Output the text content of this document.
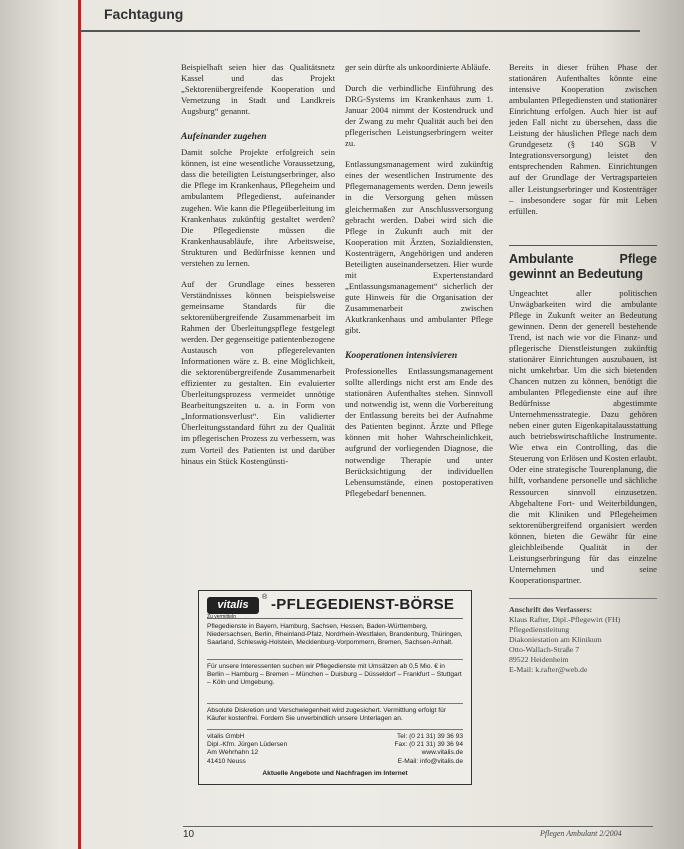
Fachtagung

Beispielhaft seien hier das Qualitätsnetz Kassel und das Projekt „Sektorenübergreifende Kooperation und Vernetzung in Stadt und Landkreis Augsburg“ genannt.

Aufeinander zugehen

Damit solche Projekte erfolgreich sein können, ist eine wesentliche Voraussetzung, dass die beteiligten Leistungserbringer, also die Pflege im Krankenhaus, Pflegeheim und ambulantem Pflegedienst, aufeinander zugehen. Wie kann die Pflegeüberleitung im Krankenhaus zukünftig gestaltet werden? Die Pflegedienste müssen die Krankenhausabläufe, ihre Arbeitsweise, Strukturen und Bedürfnisse kennen und verstehen zu lernen.

Auf der Grundlage eines besseren Verständnisses können beispielsweise gemeinsame Standards für die sektorenübergreifende Zusammenarbeit im Rahmen der Überleitungspflege festgelegt werden. Der gegenseitige patientenbezogene Austausch von pflegerelevanten Informationen wäre z. B. eine Möglichkeit, die sektorenübergreifende Zusammenarbeit effizienter zu gestalten. Ein evaluierter Überleitungsprozess vermeidet unnötige Bearbeitungszeiten u. a. in Form von „Informationsverlust“. Ein validierter Überleitungsstandard führt zu der Qualität im pflegerischen Prozess zu verbessern, was zum Vorteil des Patienten ist und darüber hinaus ein Stück Kostengünsti-

ger sein dürfte als unkoordinierte Abläufe.

Durch die verbindliche Einführung des DRG-Systems im Krankenhaus zum 1. Januar 2004 nimmt der Kostendruck und der Zwang zu mehr Qualität auch bei den pflegerischen Leistungserbringern weiter zu.

Entlassungsmanagement wird zukünftig eines der wesentlichen Instrumente des Pflegemanagements werden. Denn jeweils in die Versorgung gehen müssen gleichermaßen zur Anschlussversorgung gebracht werden. Dabei wird sich die Pflege in Zukunft auch mit der Kooperation mit Ärzten, Sozialdiensten, Kostenträgern, Angehörigen und anderen Beteiligten auseinandersetzen. Hier wurde mit Expertenstandard „Entlassungsmanagement“ sicherlich der gute Hinweis für die Organisation der Zusammenarbeit zwischen Akutkrankenhaus und ambulanter Pflege gibt.

Kooperationen intensivieren

Professionelles Entlassungsmanagement sollte allerdings nicht erst am Ende des stationären Aufenthaltes stehen. Sinnvoll und notwendig ist, wenn die Vorbereitung der Entlassung bereits bei der Aufnahme des Patienten beginnt. Ärzte und Pflege können mit hoher Wahrscheinlichkeit, aufgrund der vorliegenden Diagnose, die notwendige Therapie und unter Berücksichtigung der individuellen Lebensumstände, einen postoperativen Pflegebedarf benennen.

Bereits in dieser frühen Phase der stationären Aufenthaltes könnte eine intensive Kooperation zwischen ambulanten Pflegediensten und stationärer Einrichtung erfolgen. Auch hier ist auf jeden Fall nicht zu übersehen, dass die Leistung der häuslichen Pflege nach dem Grundgesetz (§ 140 SGB V Integrationsversorgung) leistet den entsprechenden Rahmen. Einrichtungen auf der Grundlage der Vertragsparteien aller Leistungserbringer und Kostenträger – insbesondere sogar für mit Leben erfüllen.

Ambulante Pflege gewinnt an Bedeutung

Ungeachtet aller politischen Unwägbarkeiten wird die ambulante Pflege in Zukunft weiter an Bedeutung gewinnen. Denn der generell bestehende Trend, ist nach wie vor die Finanz- und pflegerische Dienstleistungen zukünftig stationärer Einrichtungen auszubauen, ist nicht umkehrbar. Um die sich bietenden Chancen nutzen zu können, benötigt die ambulanten Pflegedienste eine auf ihre Bedürfnisse abgestimmte Unternehmensstrategie. Dazu gehören neben einer guten Eigenkapitalausstattung auch betriebswirtschaftliche Instrumente. Wie etwa ein Controlling, das die Steuerung von Erlösen und Kosten erlaubt. Oder eine strategische Tourenplanung, die hilft, vorhandene personelle und sächliche Ressourcen sinnvoll einzusetzen. Abgehaltene Fort- und Weiterbildungen, die mit Kliniken und Pflegeheimen sektorenübergreifend organisiert werden können, bieten die Gewähr für eine gleichbleibende Qualität in der Leistungserbringung für das einzelne Unternehmen und seine Kooperationspartner.

Anschrift des Verfassers:
Klaus Rafter, Dipl.-Pflegewirt (FH)
Pflegedienstleitung
Diakoniestation am Klinikum
Otto-Wallach-Straße 7
89522 Heidenheim
E-Mail: k.rafter@web.de
vitalis
® -PFLEGEDIENST-BÖRSE
Zu vermitteln
Pflegedienste in Bayern, Hamburg, Sachsen, Hessen, Baden-Württemberg, Niedersachsen, Berlin, Rheinland-Pfalz, Nordrhein-Westfalen, Brandenburg, Thüringen, Saarland, Schleswig-Holstein, Mecklenburg-Vorpommern, Bremen, Sachsen-Anhalt.
Für unsere Interessenten suchen wir Pflegedienste mit Umsätzen ab 0,5 Mio. € in Berlin – Hamburg – Bremen – München – Duisburg – Düsseldorf – Frankfurt – Stuttgart – Köln und Umgebung.
Absolute Diskretion und Verschwiegenheit wird zugesichert. Vermittlung erfolgt für Käufer kostenfrei. Fordern Sie unverbindlich unsere Unterlagen an.
vitalis GmbH
Dipl.-Kfm. Jürgen Lüdersen
Am Wehrhahn 12
41410 Neuss
Tel: (0 21 31) 39 36 93
Fax: (0 21 31) 39 36 94
www.vitalis.de
E-Mail: info@vitalis.de
Aktuelle Angebote und Nachfragen im Internet
10	Pflegen Ambulant 2/2004
